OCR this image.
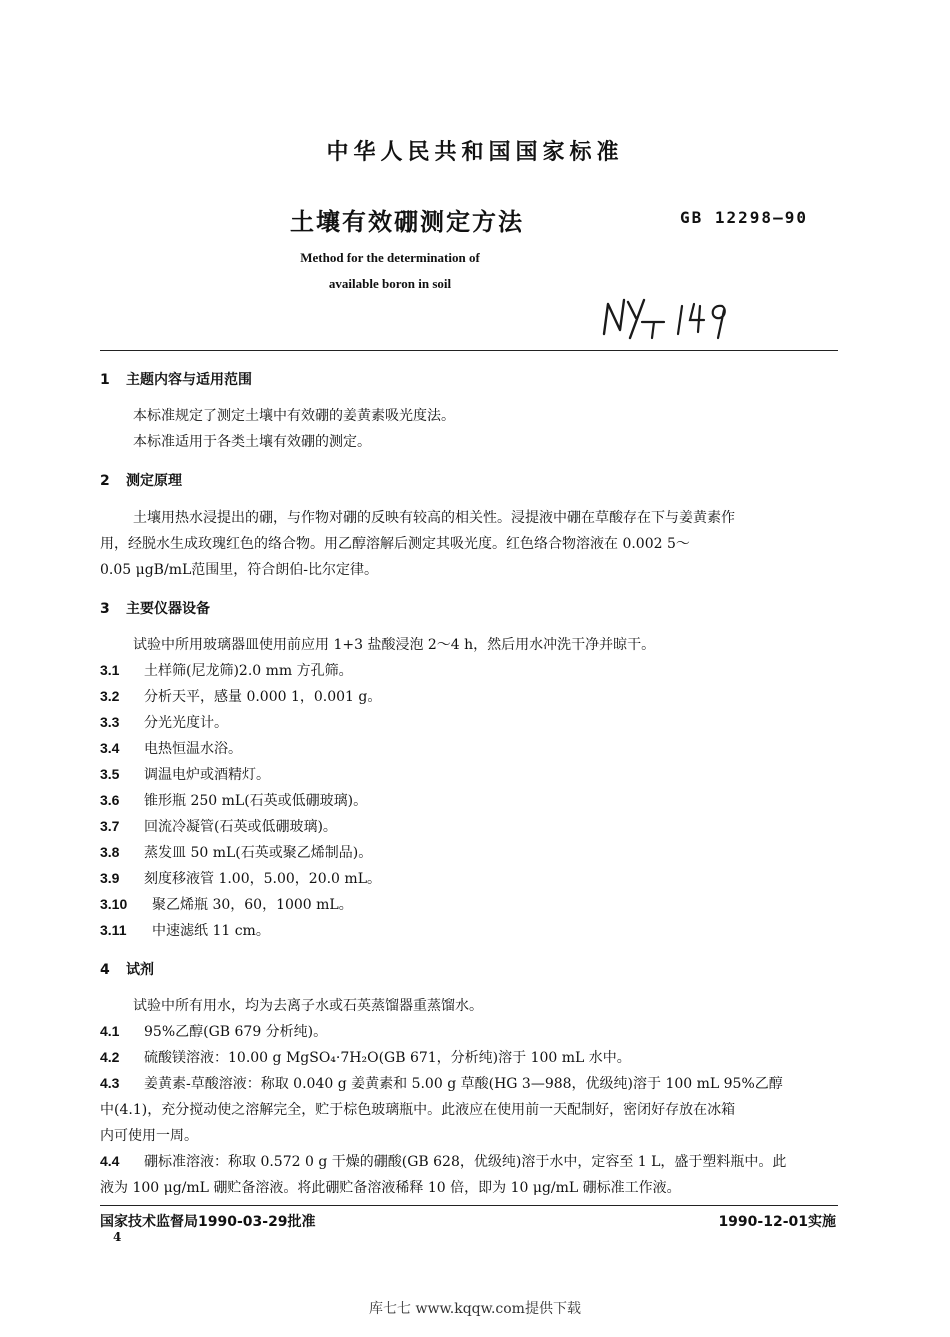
中华人民共和国国家标准
土壤有效硼测定方法	GB 12298—90
Method for the determination of
available boron in soil
1 主题内容与适用范围
本标准规定了测定土壤中有效硼的姜黄素吸光度法。
本标准适用于各类土壤有效硼的测定。
2 测定原理
土壤用热水浸提出的硼，与作物对硼的反映有较高的相关性。浸提液中硼在草酸存在下与姜黄素作
用，经脱水生成玫瑰红色的络合物。用乙醇溶解后测定其吸光度。红色络合物溶液在 0.002 5～
0.05 μgB/mL范围里，符合朗伯-比尔定律。
3 主要仪器设备
试验中所用玻璃器皿使用前应用 1+3 盐酸浸泡 2～4 h，然后用水冲洗干净并晾干。
3.1 土样筛(尼龙筛)2.0 mm 方孔筛。
3.2 分析天平，感量 0.000 1，0.001 g。
3.3 分光光度计。
3.4 电热恒温水浴。
3.5 调温电炉或酒精灯。
3.6 锥形瓶 250 mL(石英或低硼玻璃)。
3.7 回流冷凝管(石英或低硼玻璃)。
3.8 蒸发皿 50 mL(石英或聚乙烯制品)。
3.9 刻度移液管 1.00，5.00，20.0 mL。
3.10 聚乙烯瓶 30，60，1000 mL。
3.11 中速滤纸 11 cm。
4 试剂
试验中所有用水，均为去离子水或石英蒸馏器重蒸馏水。
4.1 95%乙醇(GB 679 分析纯)。
4.2 硫酸镁溶液：10.00 g MgSO₄·7H₂O(GB 671，分析纯)溶于 100 mL 水中。
4.3 姜黄素-草酸溶液：称取 0.040 g 姜黄素和 5.00 g 草酸(HG 3—988，优级纯)溶于 100 mL 95%乙醇
中(4.1)，充分搅动使之溶解完全，贮于棕色玻璃瓶中。此液应在使用前一天配制好，密闭好存放在冰箱
内可使用一周。
4.4 硼标准溶液：称取 0.572 0 g 干燥的硼酸(GB 628，优级纯)溶于水中，定容至 1 L，盛于塑料瓶中。此
液为 100 μg/mL 硼贮备溶液。将此硼贮备溶液稀释 10 倍，即为 10 μg/mL 硼标准工作液。
国家技术监督局1990-03-29批准	1990-12-01实施
4
库七七 www.kqqw.com提供下载
